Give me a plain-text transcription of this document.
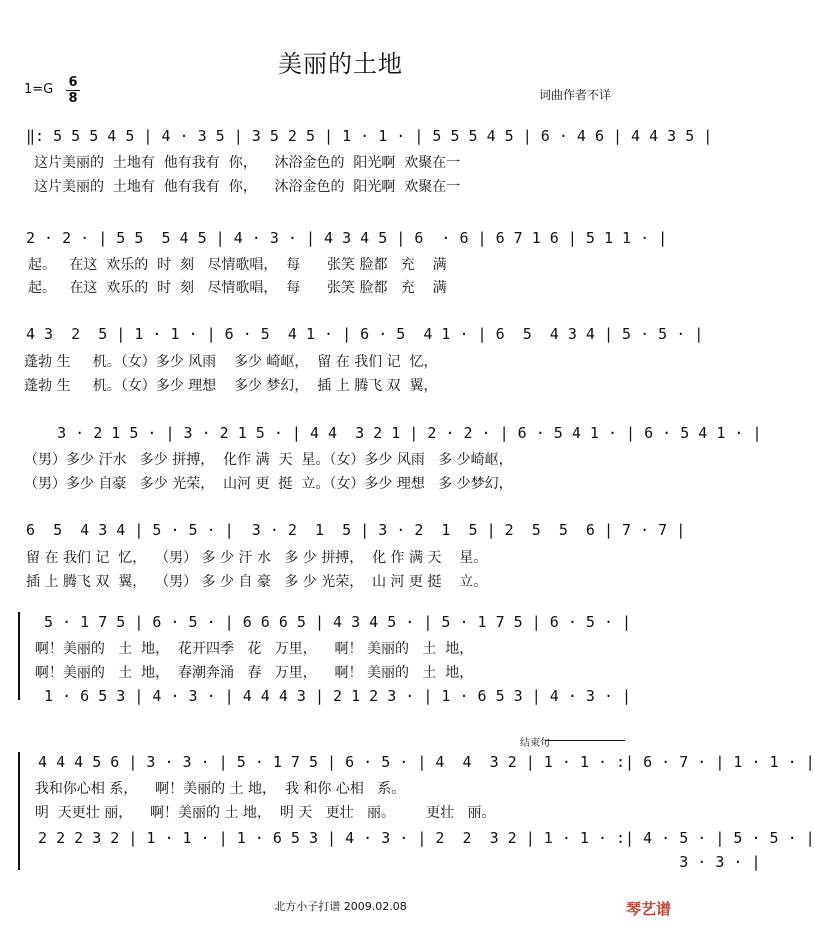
美丽的土地
1=G 6
8	词曲作者不详
‖: 5 5 5 4 5 | 4 · 3 5 | 3 5 2 5 | 1 · 1 · | 5 5 5 4 5 | 6 · 4 6 | 4 4 3 5 |
这片美丽的  土地有  他有我有  你，    沐浴金色的  阳光啊  欢聚在一
这片美丽的  土地有  他有我有  你，    沐浴金色的  阳光啊  欢聚在一
2 · 2 · | 5 5  5 4 5 | 4 · 3 · | 4 3 4 5 | 6  · 6 | 6 7 1 6 | 5 1 1 · |
起。   在这  欢乐的  时  刻   尽情歌唱，  每      张笑 脸都   充    满
起。   在这  欢乐的  时  刻   尽情歌唱，  每      张笑 脸都   充    满
4 3  2  5 | 1 · 1 · | 6 · 5  4 1 · | 6 · 5  4 1 · | 6  5  4 3 4 | 5 · 5 · |
蓬勃 生     机。（女）多少 风雨    多少 崎岖，  留 在 我们 记  忆，
蓬勃 生     机。（女）多少 理想    多少 梦幻，  插 上 腾飞 双  翼，
3 · 2 1 5 · | 3 · 2 1 5 · | 4 4  3 2 1 | 2 · 2 · | 6 · 5 4 1 · | 6 · 5 4 1 · |
（男）多少 汗水   多少 拼搏，  化作 满  天  星。（女）多少 风雨   多 少崎岖，
（男）多少 自豪   多少 光荣，  山河 更  挺  立。（女）多少 理想   多 少梦幻，
6  5  4 3 4 | 5 · 5 · |  3 · 2  1  5 | 3 · 2  1  5 | 2  5  5  6 | 7 · 7 |
留 在 我们 记  忆，  （男） 多 少 汗 水   多 少 拼搏，  化 作 满 天    星。
插 上 腾飞 双  翼，  （男） 多 少 自 豪   多 少 光荣，  山 河 更 挺    立。
5 · 1 7 5 | 6 · 5 · | 6 6 6 5 | 4 3 4 5 · | 5 · 1 7 5 | 6 · 5 · |
啊！美丽的   土  地，  花开四季   花   万里，    啊！ 美丽的   土  地，
啊！美丽的   土  地，  春潮奔涌   春   万里，    啊！ 美丽的   土  地，
1 · 6 5 3 | 4 · 3 · | 4 4 4 3 | 2 1 2 3 · | 1 · 6 5 3 | 4 · 3 · |
结束句
4 4 4 5 6 | 3 · 3 · | 5 · 1 7 5 | 6 · 5 · | 4  4  3 2 | 1 · 1 · :| 6 · 7 · | 1 · 1 · |
我和你心相 系，    啊！美丽的 土 地，  我 和你 心相   系。
明  天更壮 丽，    啊！美丽的 土 地，  明 天   更壮   丽。       更壮   丽。
2 2 2 3 2 | 1 · 1 · | 1 · 6 5 3 | 4 · 3 · | 2  2  3 2 | 1 · 1 · :| 4 · 5 · | 5 · 5 · |
3 · 3 · |
北方小子打谱 2009.02.08	琴艺谱
